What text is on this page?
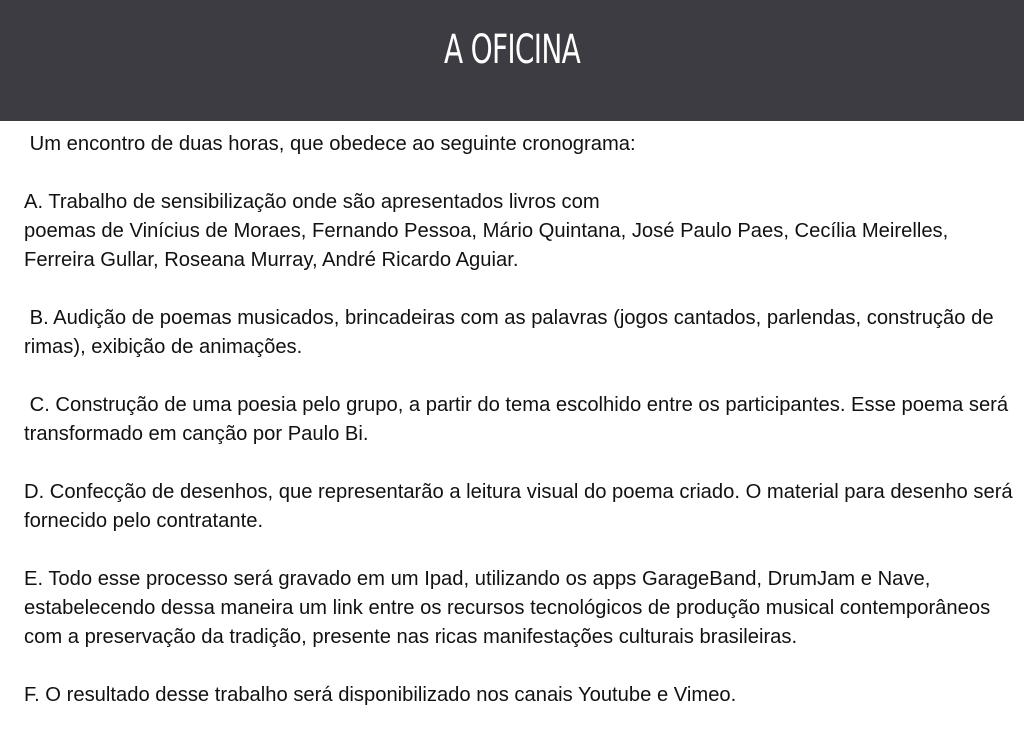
A OFICINA

Um encontro de duas horas, que obedece ao seguinte cronograma:

A. Trabalho de sensibilização onde são apresentados livros com
poemas de Vinícius de Moraes, Fernando Pessoa, Mário Quintana, José Paulo Paes, Cecília Meirelles, Ferreira Gullar, Roseana Murray, André Ricardo Aguiar.

B. Audição de poemas musicados, brincadeiras com as palavras (jogos cantados, parlendas, construção de rimas), exibição de animações.

C. Construção de uma poesia pelo grupo, a partir do tema escolhido entre os participantes. Esse poema será transformado em canção por Paulo Bi.

D. Confecção de desenhos, que representarão a leitura visual do poema criado. O material para desenho será fornecido pelo contratante.

E. Todo esse processo será gravado em um Ipad, utilizando os apps GarageBand, DrumJam e Nave, estabelecendo dessa maneira um link entre os recursos tecnológicos de produção musical contemporâneos com a preservação da tradição, presente nas ricas manifestações culturais brasileiras.

F. O resultado desse trabalho será disponibilizado nos canais Youtube e Vimeo.
